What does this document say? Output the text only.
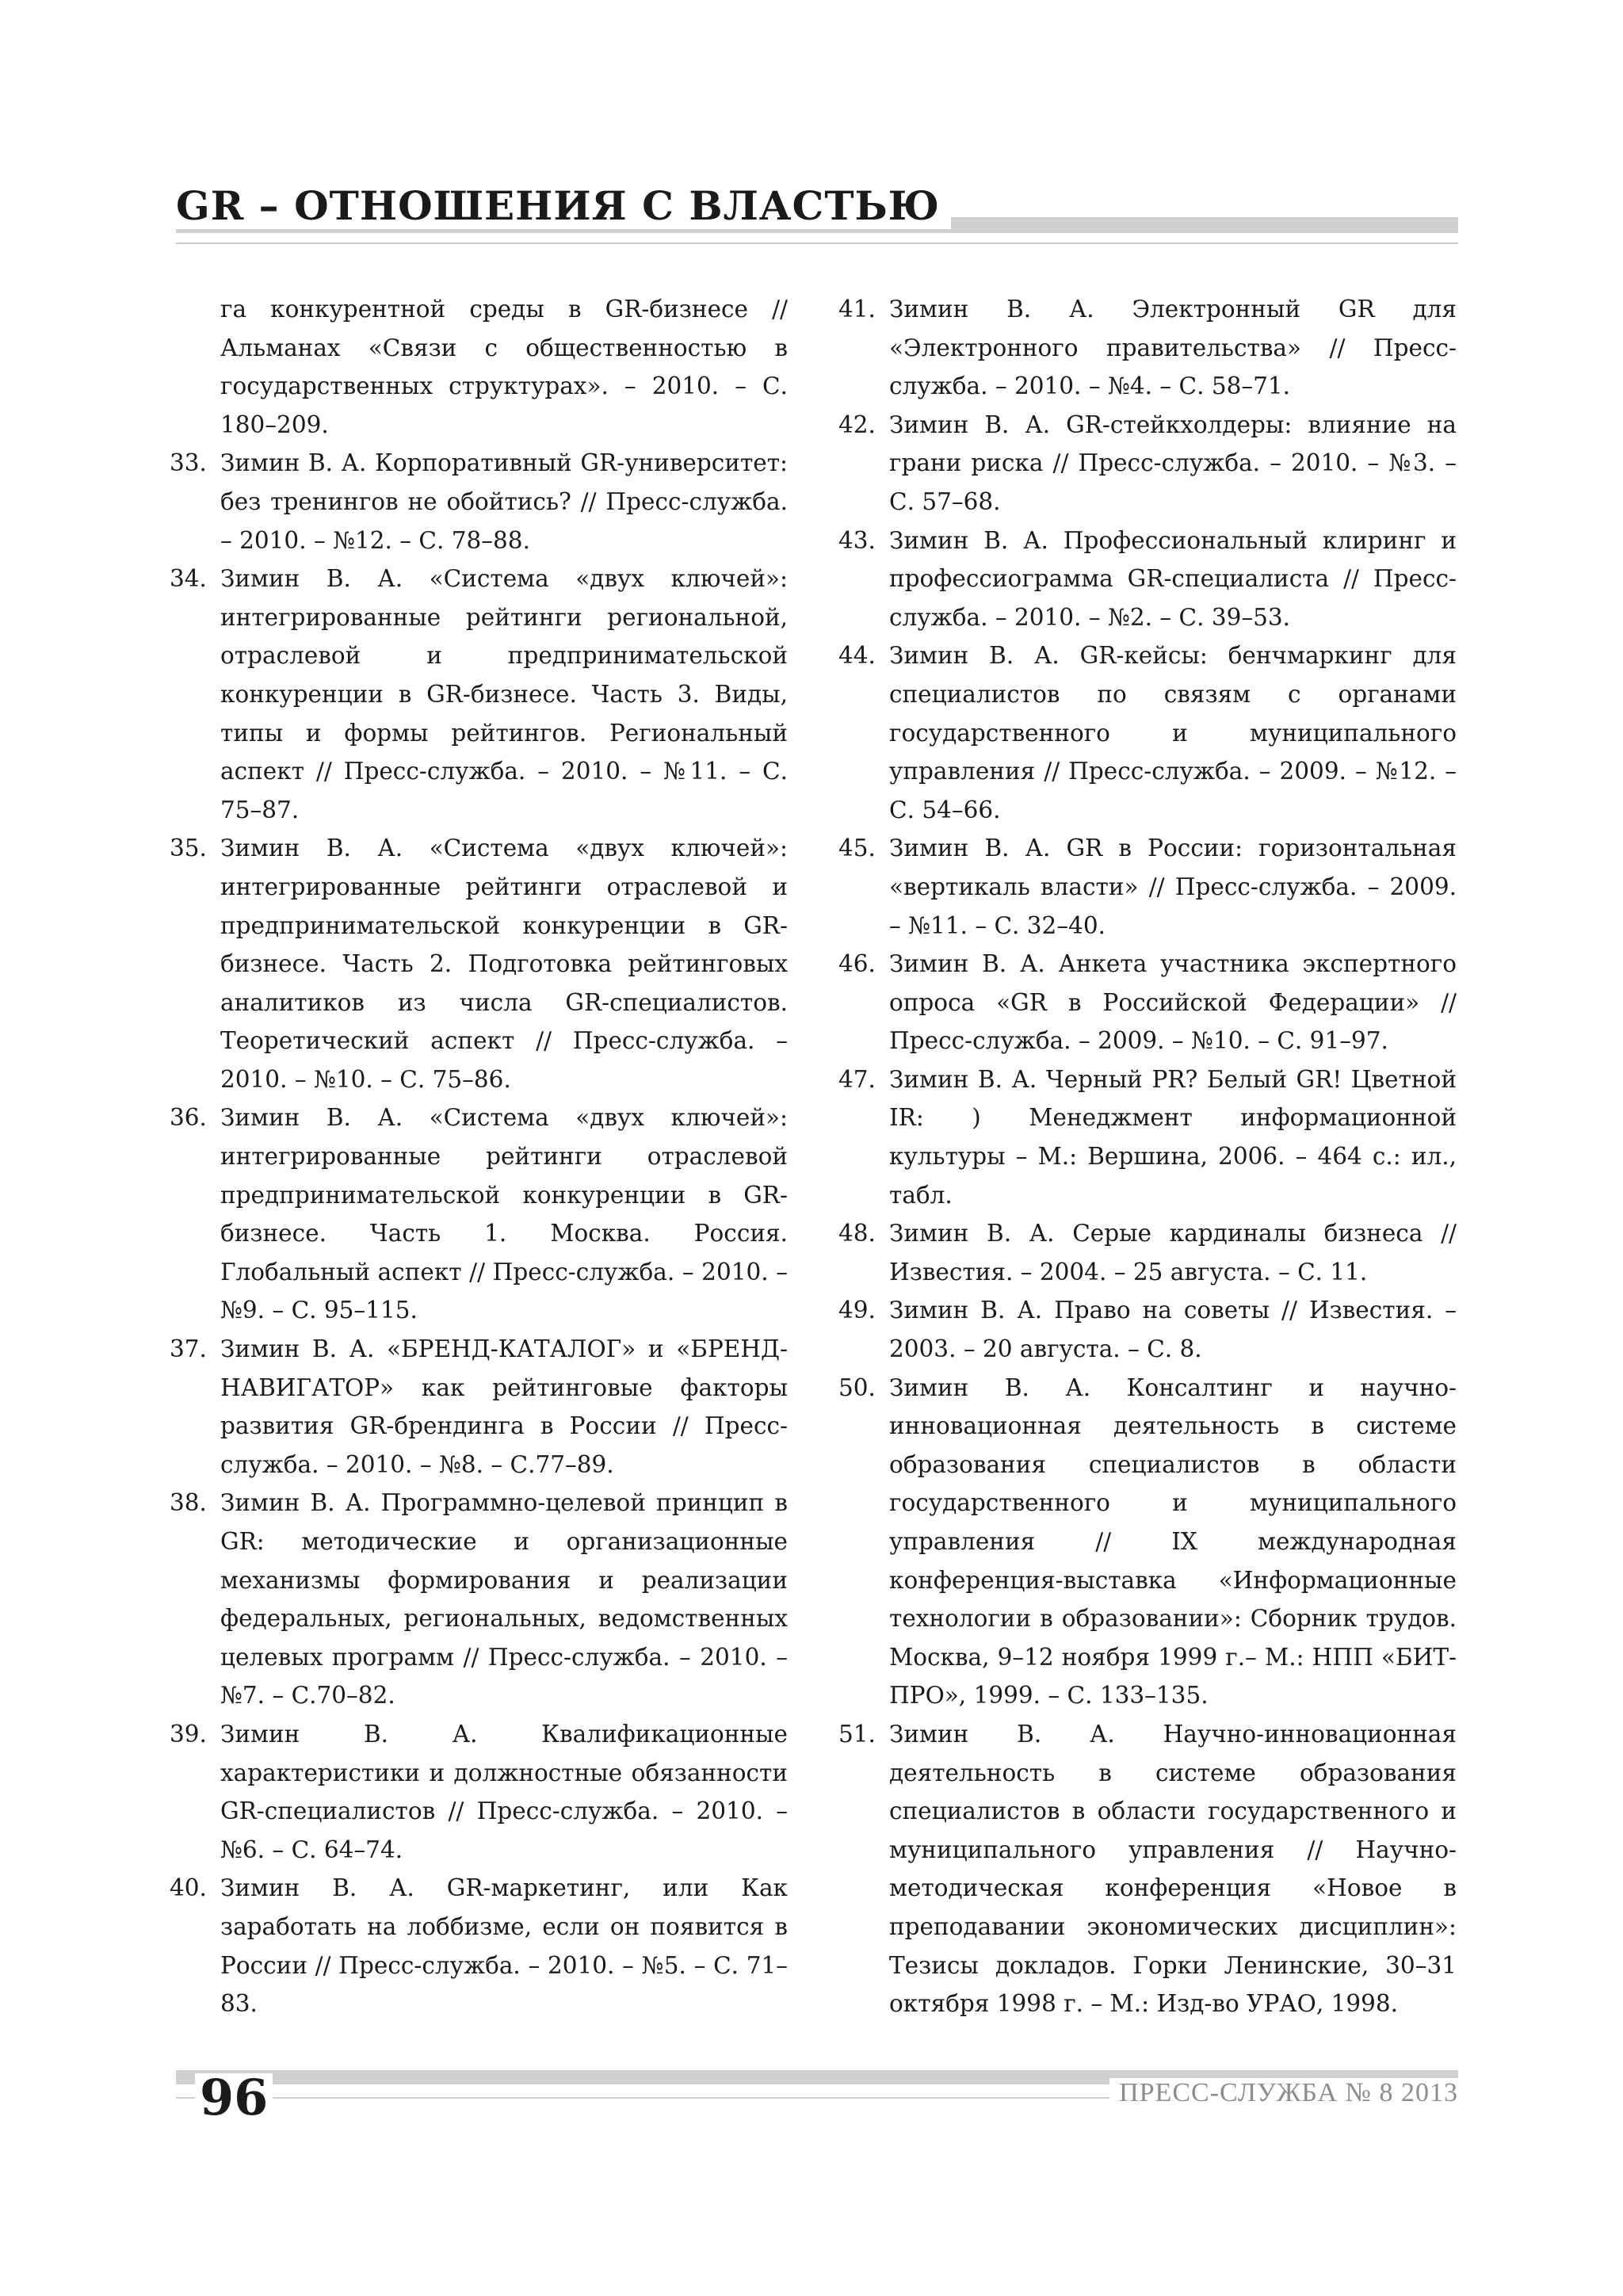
GR – ОТНОШЕНИЯ С ВЛАСТЬЮ

га конкурентной среды в GR-бизнесе // Альманах «Связи с общественностью в государственных структурах». – 2010. – С. 180–209.

33. Зимин В. А. Корпоративный GR-университет: без тренингов не обойтись? // Пресс-служба. – 2010. – №12. – С. 78–88.

34. Зимин В. А. «Система «двух ключей»: интегрированные рейтинги региональной, отраслевой и предпринимательской конкуренции в GR-бизнесе. Часть 3. Виды, типы и формы рейтингов. Региональный аспект // Пресс-служба. – 2010. – №11. – С. 75–87.

35. Зимин В. А. «Система «двух ключей»: интегрированные рейтинги отраслевой и предпринимательской конкуренции в GR-бизнесе. Часть 2. Подготовка рейтинговых аналитиков из числа GR-специалистов. Теоретический аспект // Пресс-служба. – 2010. – №10. – С. 75–86.

36. Зимин В. А. «Система «двух ключей»: интегрированные рейтинги отраслевой предпринимательской конкуренции в GR-бизнесе. Часть 1. Москва. Россия. Глобальный аспект // Пресс-служба. – 2010. – №9. – С. 95–115.

37. Зимин В. А. «БРЕНД-КАТАЛОГ» и «БРЕНД-НАВИГАТОР» как рейтинговые факторы развития GR-брендинга в России // Пресс-служба. – 2010. – №8. – С.77–89.

38. Зимин В. А. Программно-целевой принцип в GR: методические и организационные механизмы формирования и реализации федеральных, региональных, ведомственных целевых программ // Пресс-служба. – 2010. – №7. – С.70–82.

39. Зимин В. А. Квалификационные характеристики и должностные обязанности GR-специалистов // Пресс-служба. – 2010. – №6. – С. 64–74.

40. Зимин В. А. GR-маркетинг, или Как заработать на лоббизме, если он появится в России // Пресс-служба. – 2010. – №5. – С. 71–83.

41. Зимин В. А. Электронный GR для «Электронного правительства» // Пресс-служба. – 2010. – №4. – С. 58–71.

42. Зимин В. А. GR-стейкхолдеры: влияние на грани риска // Пресс-служба. – 2010. – №3. – С. 57–68.

43. Зимин В. А. Профессиональный клиринг и профессиограмма GR-специалиста // Пресс-служба. – 2010. – №2. – С. 39–53.

44. Зимин В. А. GR-кейсы: бенчмаркинг для специалистов по связям с органами государственного и муниципального управления // Пресс-служба. – 2009. – №12. – С. 54–66.

45. Зимин В. А. GR в России: горизонтальная «вертикаль власти» // Пресс-служба. – 2009. – №11. – С. 32–40.

46. Зимин В. А. Анкета участника экспертного опроса «GR в Российской Федерации» // Пресс-служба. – 2009. – №10. – С. 91–97.

47. Зимин В. А. Черный PR? Белый GR! Цветной IR: ) Менеджмент информационной культуры – М.: Вершина, 2006. – 464 с.: ил., табл.

48. Зимин В. А. Серые кардиналы бизнеса // Известия. – 2004. – 25 августа. – С. 11.

49. Зимин В. А. Право на советы // Известия. – 2003. – 20 августа. – С. 8.

50. Зимин В. А. Консалтинг и научно-инновационная деятельность в системе образования специалистов в области государственного и муниципального управления // IX международная конференция-выставка «Информационные технологии в образовании»: Сборник трудов. Москва, 9–12 ноября 1999 г.– М.: НПП «БИТ-ПРО», 1999. – С. 133–135.

51. Зимин В. А. Научно-инновационная деятельность в системе образования специалистов в области государственного и муниципального управления // Научно-методическая конференция «Новое в преподавании экономических дисциплин»: Тезисы докладов. Горки Ленинские, 30–31 октября 1998 г. – М.: Изд-во УРАО, 1998.

96	ПРЕСС-СЛУЖБА № 8 2013
